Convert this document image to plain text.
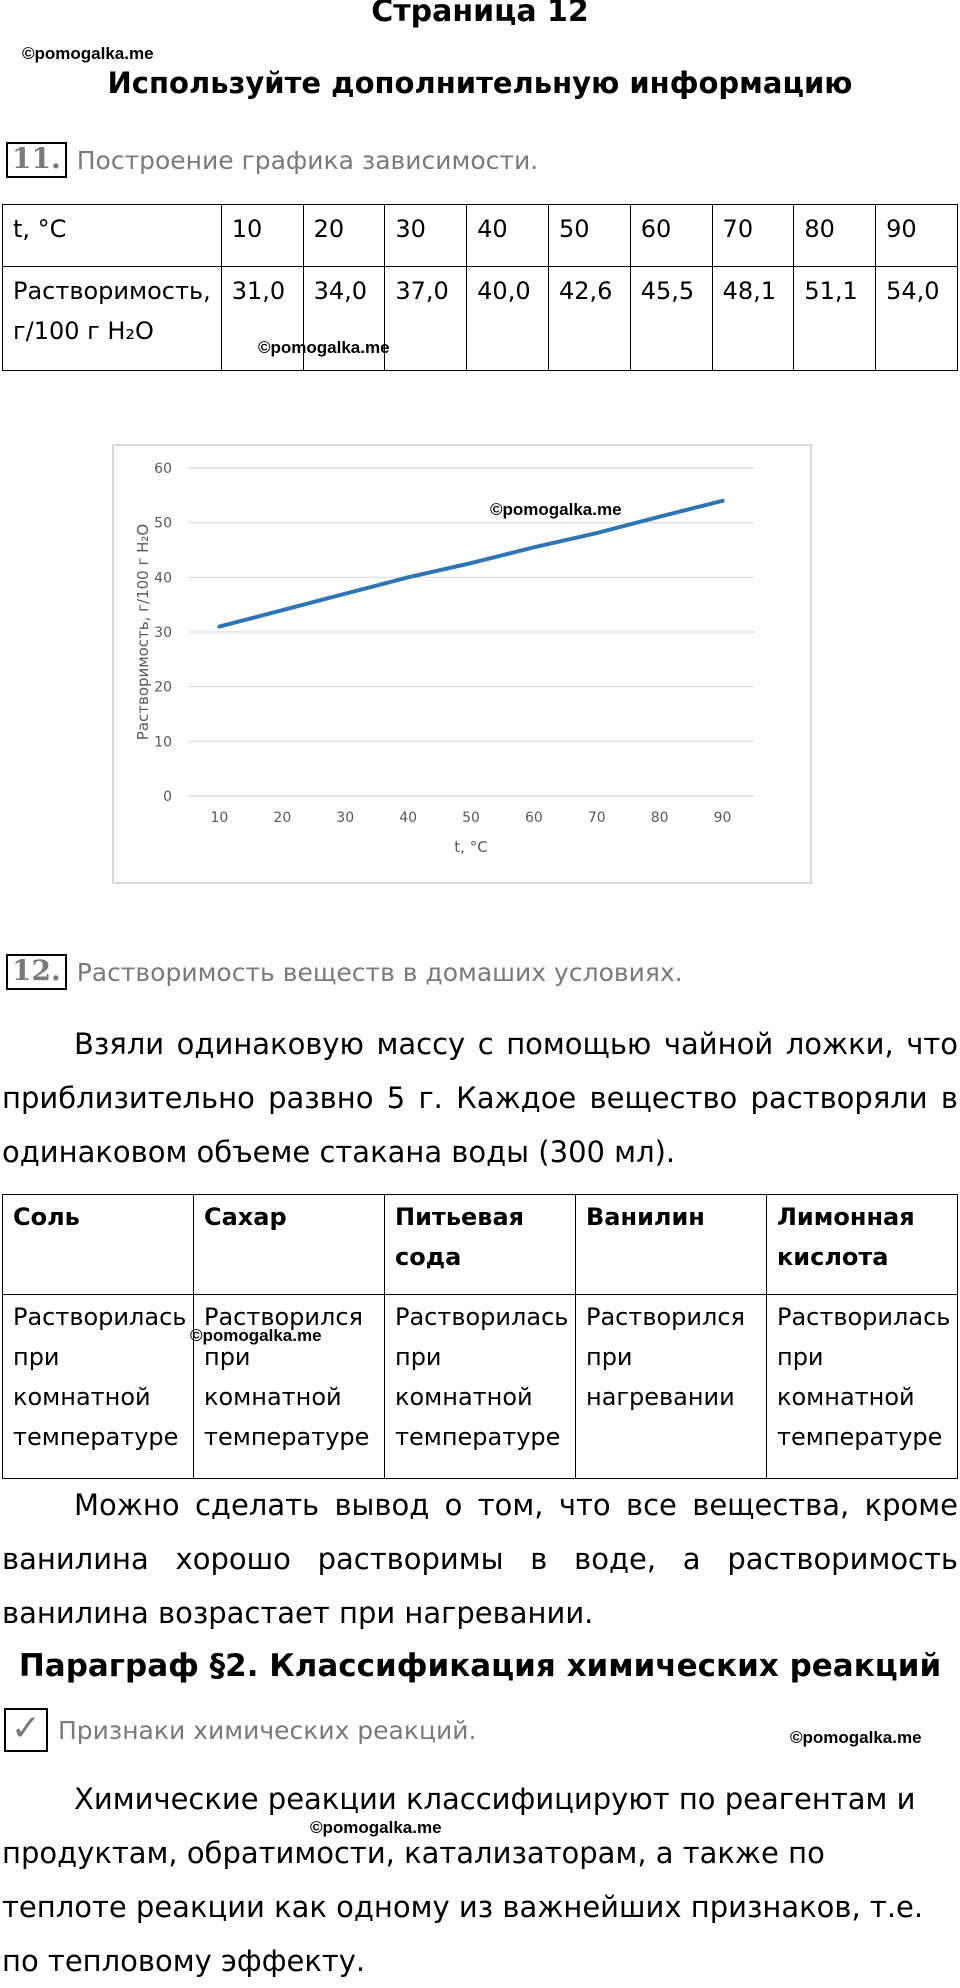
Страница 12
©pomogalka.me
Используйте дополнительную информацию
11. Построение графика зависимости.
t, °C	10	20	30	40	50	60	70	80	90

Растворимость,
г/100 г H₂O	31,0	34,0	37,0	40,0	42,6	45,5	48,1	51,1	54,0
©pomogalka.me
0
10
20
30
40
50
60
10	20	30	40	50	60	70	80	90
t, °C
Растворимость, г/100 г H₂O
©pomogalka.me
12. Растворимость веществ в домаших условиях.

Взяли одинаковую массу с помощью чайной ложки, что приблизительно развно 5 г. Каждое вещество растворяли в одинаковом объеме стакана воды (300 мл).

Соль	Сахар	Питьевая сода	Ванилин	Лимонная кислота
Растворилась при комнатной температуре	Растворился при комнатной температуре	Растворилась при комнатной температуре	Растворился при нагревании	Растворилась при комнатной температуре
©pomogalka.me

Можно сделать вывод о том, что все вещества, кроме ванилина хорошо растворимы в воде, а растворимость ванилина возрастает при нагревании.

Параграф §2. Классификация химических реакций
✓ Признаки химических реакций.	©pomogalka.me

Химические реакции классифицируют по реагентам и продуктам, обратимости, катализаторам, а также по теплоте реакции как одному из важнейших признаков, т.е. по тепловому эффекту.

©pomogalka.me
